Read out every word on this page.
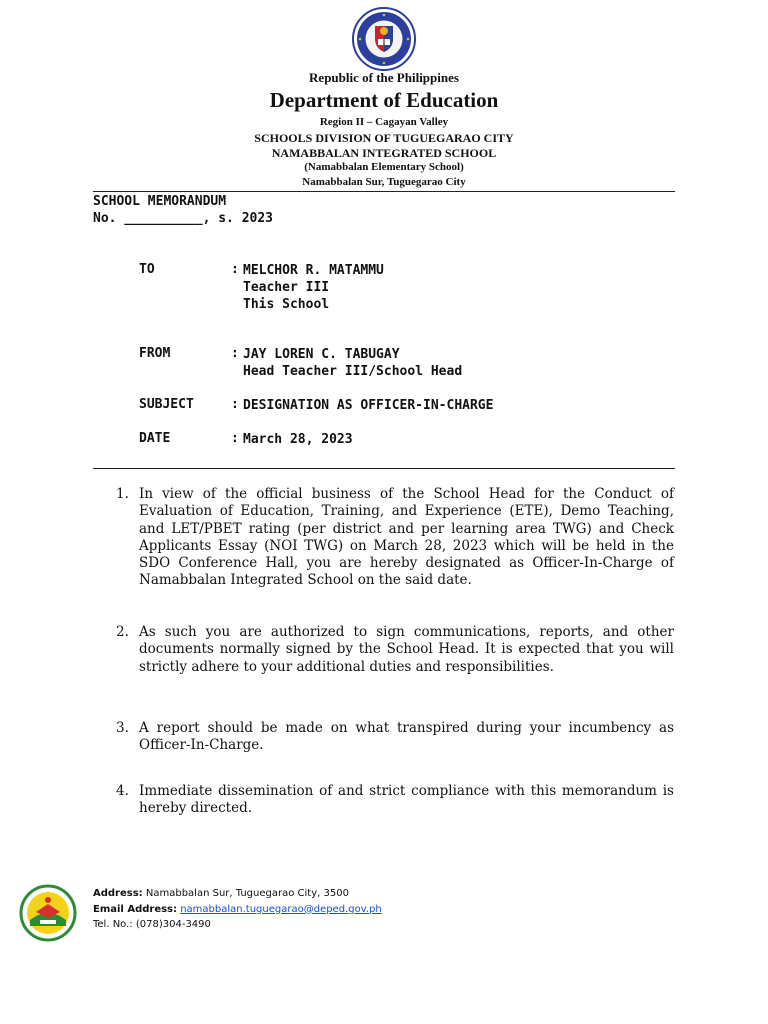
Republic of the Philippines
Department of Education
Region II – Cagayan Valley
SCHOOLS DIVISION OF TUGUEGARAO CITY
NAMABBALAN INTEGRATED SCHOOL
(Namabbalan Elementary School)
Namabbalan Sur, Tuguegarao City
SCHOOL MEMORANDUM
No. __________, s. 2023
TO	: MELCHOR R. MATAMMU
Teacher III
This School
FROM	: JAY LOREN C. TABUGAY
Head Teacher III/School Head
SUBJECT	: DESIGNATION AS OFFICER-IN-CHARGE
DATE	: March 28, 2023
1. In view of the official business of the School Head for the Conduct of Evaluation of Education, Training, and Experience (ETE), Demo Teaching, and LET/PBET rating (per district and per learning area TWG) and Check Applicants Essay (NOI TWG) on March 28, 2023 which will be held in the SDO Conference Hall, you are hereby designated as Officer-In-Charge of Namabbalan Integrated School on the said date.
2. As such you are authorized to sign communications, reports, and other documents normally signed by the School Head. It is expected that you will strictly adhere to your additional duties and responsibilities.
3. A report should be made on what transpired during your incumbency as Officer-In-Charge.
4. Immediate dissemination of and strict compliance with this memorandum is hereby directed.
Address: Namabbalan Sur, Tuguegarao City, 3500
Email Address: namabbalan.tuguegarao@deped.gov.ph
Tel. No.: (078)304-3490
